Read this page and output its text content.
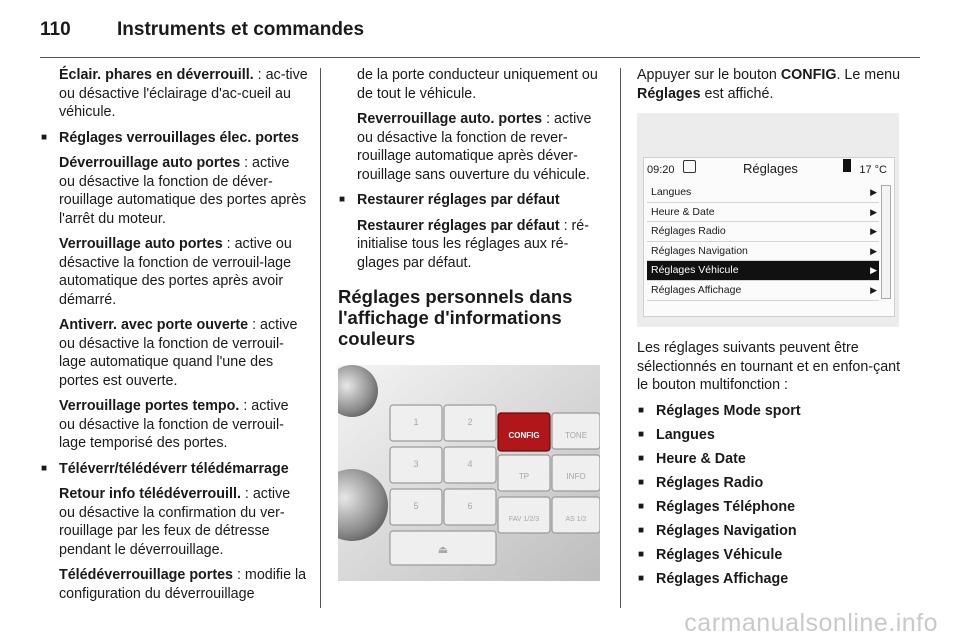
110 Instruments et commandes

Éclair. phares en déverrouill. : ac-tive ou désactive l'éclairage d'ac-cueil au véhicule.

■ Réglages verrouillages élec. portes

Déverrouillage auto portes : active ou désactive la fonction de déver-rouillage automatique des portes après l'arrêt du moteur.

Verrouillage auto portes : active ou désactive la fonction de verrouil-lage automatique des portes après avoir démarré.

Antiverr. avec porte ouverte : active ou désactive la fonction de verrouil-lage automatique quand l'une des portes est ouverte.

Verrouillage portes tempo. : active ou désactive la fonction de verrouil-lage temporisé des portes.

■ Téléverr/télédéverr télédémarrage

Retour info télédéverrouill. : active ou désactive la confirmation du ver-rouillage par les feux de détresse pendant le déverrouillage.

Télédéverrouillage portes : modifie la configuration du déverrouillage

de la porte conducteur uniquement ou de tout le véhicule.

Reverrouillage auto. portes : active ou désactive la fonction de rever-rouillage automatique après déver-rouillage sans ouverture du véhicule.

■ Restaurer réglages par défaut

Restaurer réglages par défaut : ré-initialise tous les réglages aux ré-glages par défaut.

Réglages personnels dans l'affichage d'informations couleurs
1	2
CONFIG	TONE
3	4
TP	INFO
5	6
FAV 1/2/3	AS 1/2
⏏

Appuyer sur le bouton CONFIG. Le menu Réglages est affiché.

09:20	Réglages	17 °C
Langues	▶
Heure & Date	▶
Réglages Radio	▶
Réglages Navigation	▶
Réglages Véhicule	▶
Réglages Affichage	▶

Les réglages suivants peuvent être sélectionnés en tournant et en enfon-çant le bouton multifonction :

■ Réglages Mode sport
■ Langues
■ Heure & Date
■ Réglages Radio
■ Réglages Téléphone
■ Réglages Navigation
■ Réglages Véhicule
■ Réglages Affichage
carmanualsonline.info
